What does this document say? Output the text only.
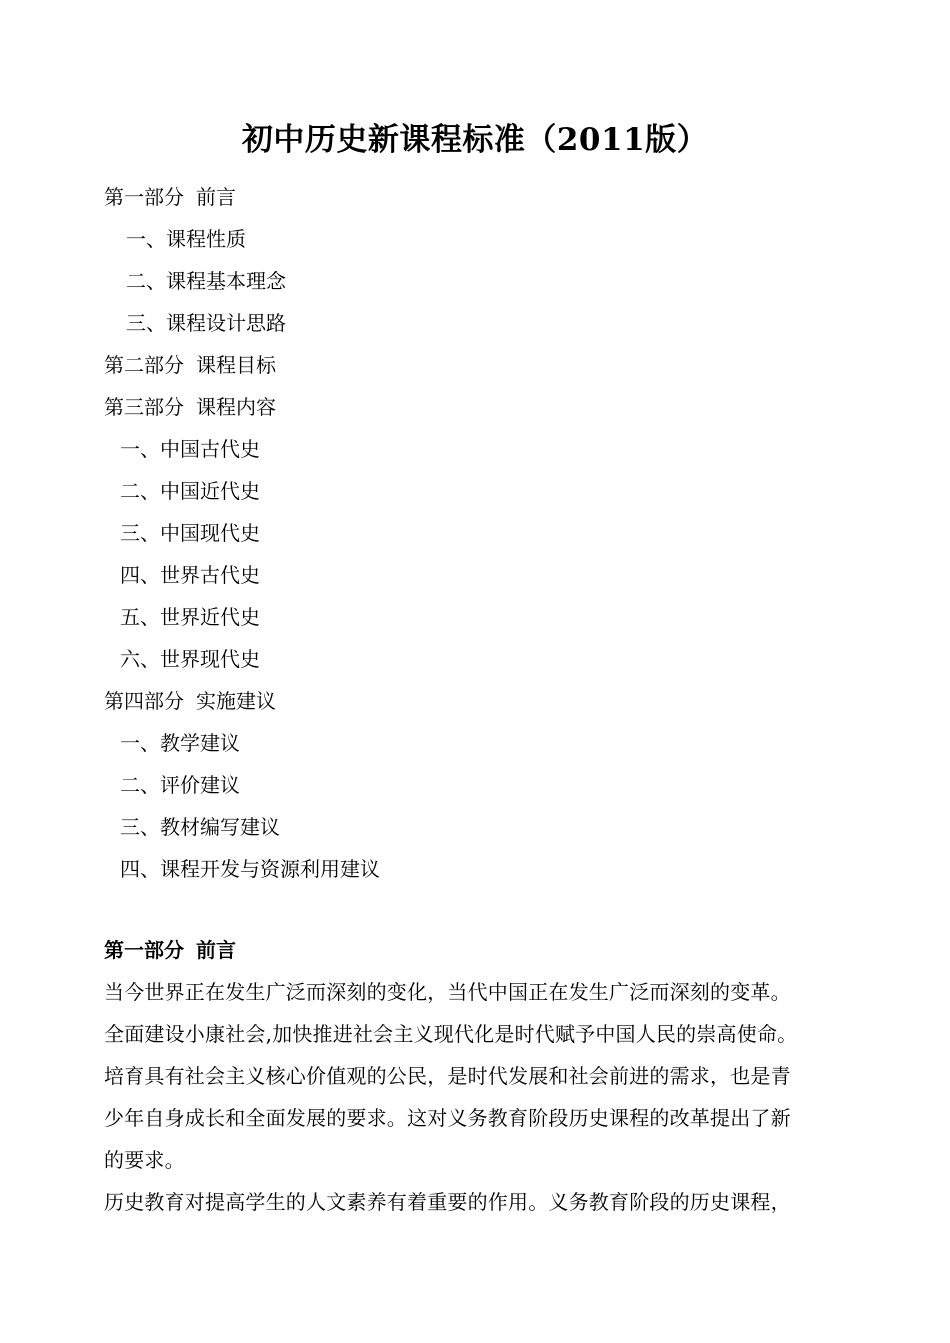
初中历史新课程标准（2011版）
第一部分 前言
一、课程性质
二、课程基本理念
三、课程设计思路
第二部分 课程目标
第三部分 课程内容
一、中国古代史
二、中国近代史
三、中国现代史
四、世界古代史
五、世界近代史
六、世界现代史
第四部分 实施建议
一、教学建议
二、评价建议
三、教材编写建议
四、课程开发与资源利用建议
第一部分 前言
当今世界正在发生广泛而深刻的变化，当代中国正在发生广泛而深刻的变革。
全面建设小康社会,加快推进社会主义现代化是时代赋予中国人民的崇高使命。
培育具有社会主义核心价值观的公民，是时代发展和社会前进的需求，也是青
少年自身成长和全面发展的要求。这对义务教育阶段历史课程的改革提出了新
的要求。
历史教育对提高学生的人文素养有着重要的作用。义务教育阶段的历史课程，
